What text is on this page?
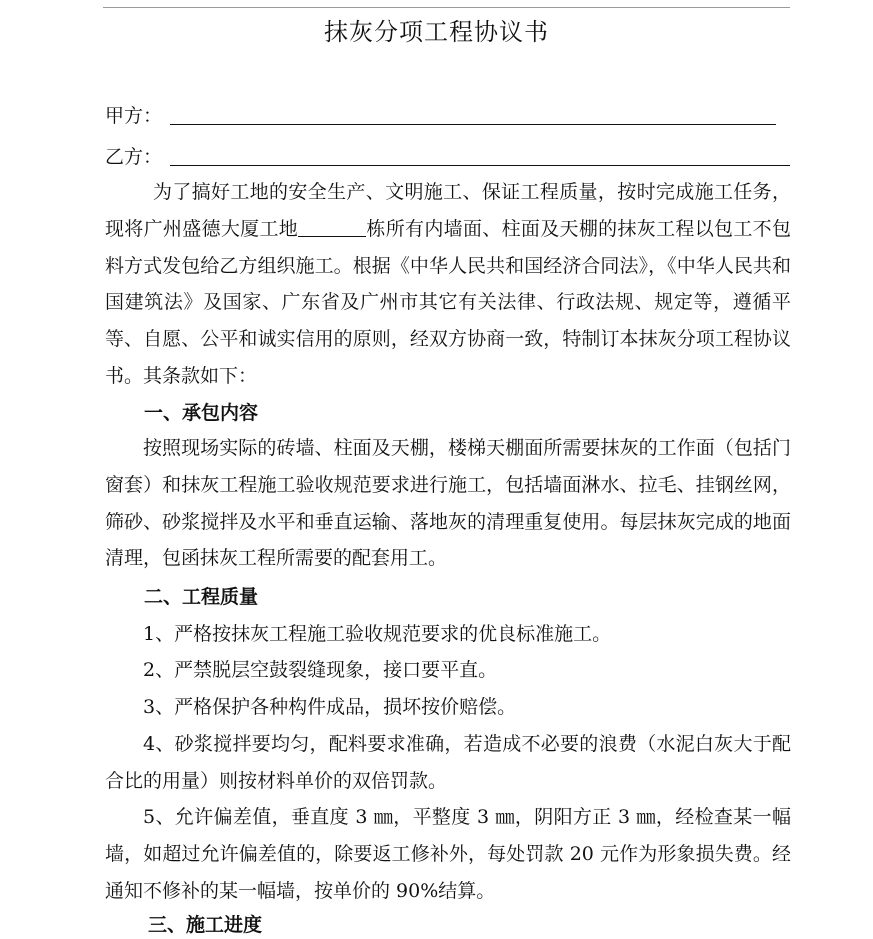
抹灰分项工程协议书
甲方：
乙方：
为了搞好工地的安全生产、文明施工、保证工程质量，按时完成施工任务，现将广州盛德大厦工地	栋所有内墙面、柱面及天棚的抹灰工程以包工不包料方式发包给乙方组织施工。根据《中华人民共和国经济合同法》，《中华人民共和国建筑法》及国家、广东省及广州市其它有关法律、行政法规、规定等，遵循平等、自愿、公平和诚实信用的原则，经双方协商一致，特制订本抹灰分项工程协议书。其条款如下：
一、承包内容
按照现场实际的砖墙、柱面及天棚，楼梯天棚面所需要抹灰的工作面（包括门窗套）和抹灰工程施工验收规范要求进行施工，包括墙面淋水、拉毛、挂钢丝网，筛砂、砂浆搅拌及水平和垂直运输、落地灰的清理重复使用。每层抹灰完成的地面清理，包函抹灰工程所需要的配套用工。
二、工程质量
1、严格按抹灰工程施工验收规范要求的优良标准施工。
2、严禁脱层空鼓裂缝现象，接口要平直。
3、严格保护各种构件成品，损坏按价赔偿。
4、砂浆搅拌要均匀，配料要求准确，若造成不必要的浪费（水泥白灰大于配合比的用量）则按材料单价的双倍罚款。
5、允许偏差值，垂直度 3 ㎜，平整度 3 ㎜，阴阳方正 3 ㎜，经检查某一幅墙，如超过允许偏差值的，除要返工修补外，每处罚款 20 元作为形象损失费。经通知不修补的某一幅墙，按单价的 90%结算。
三、施工进度
